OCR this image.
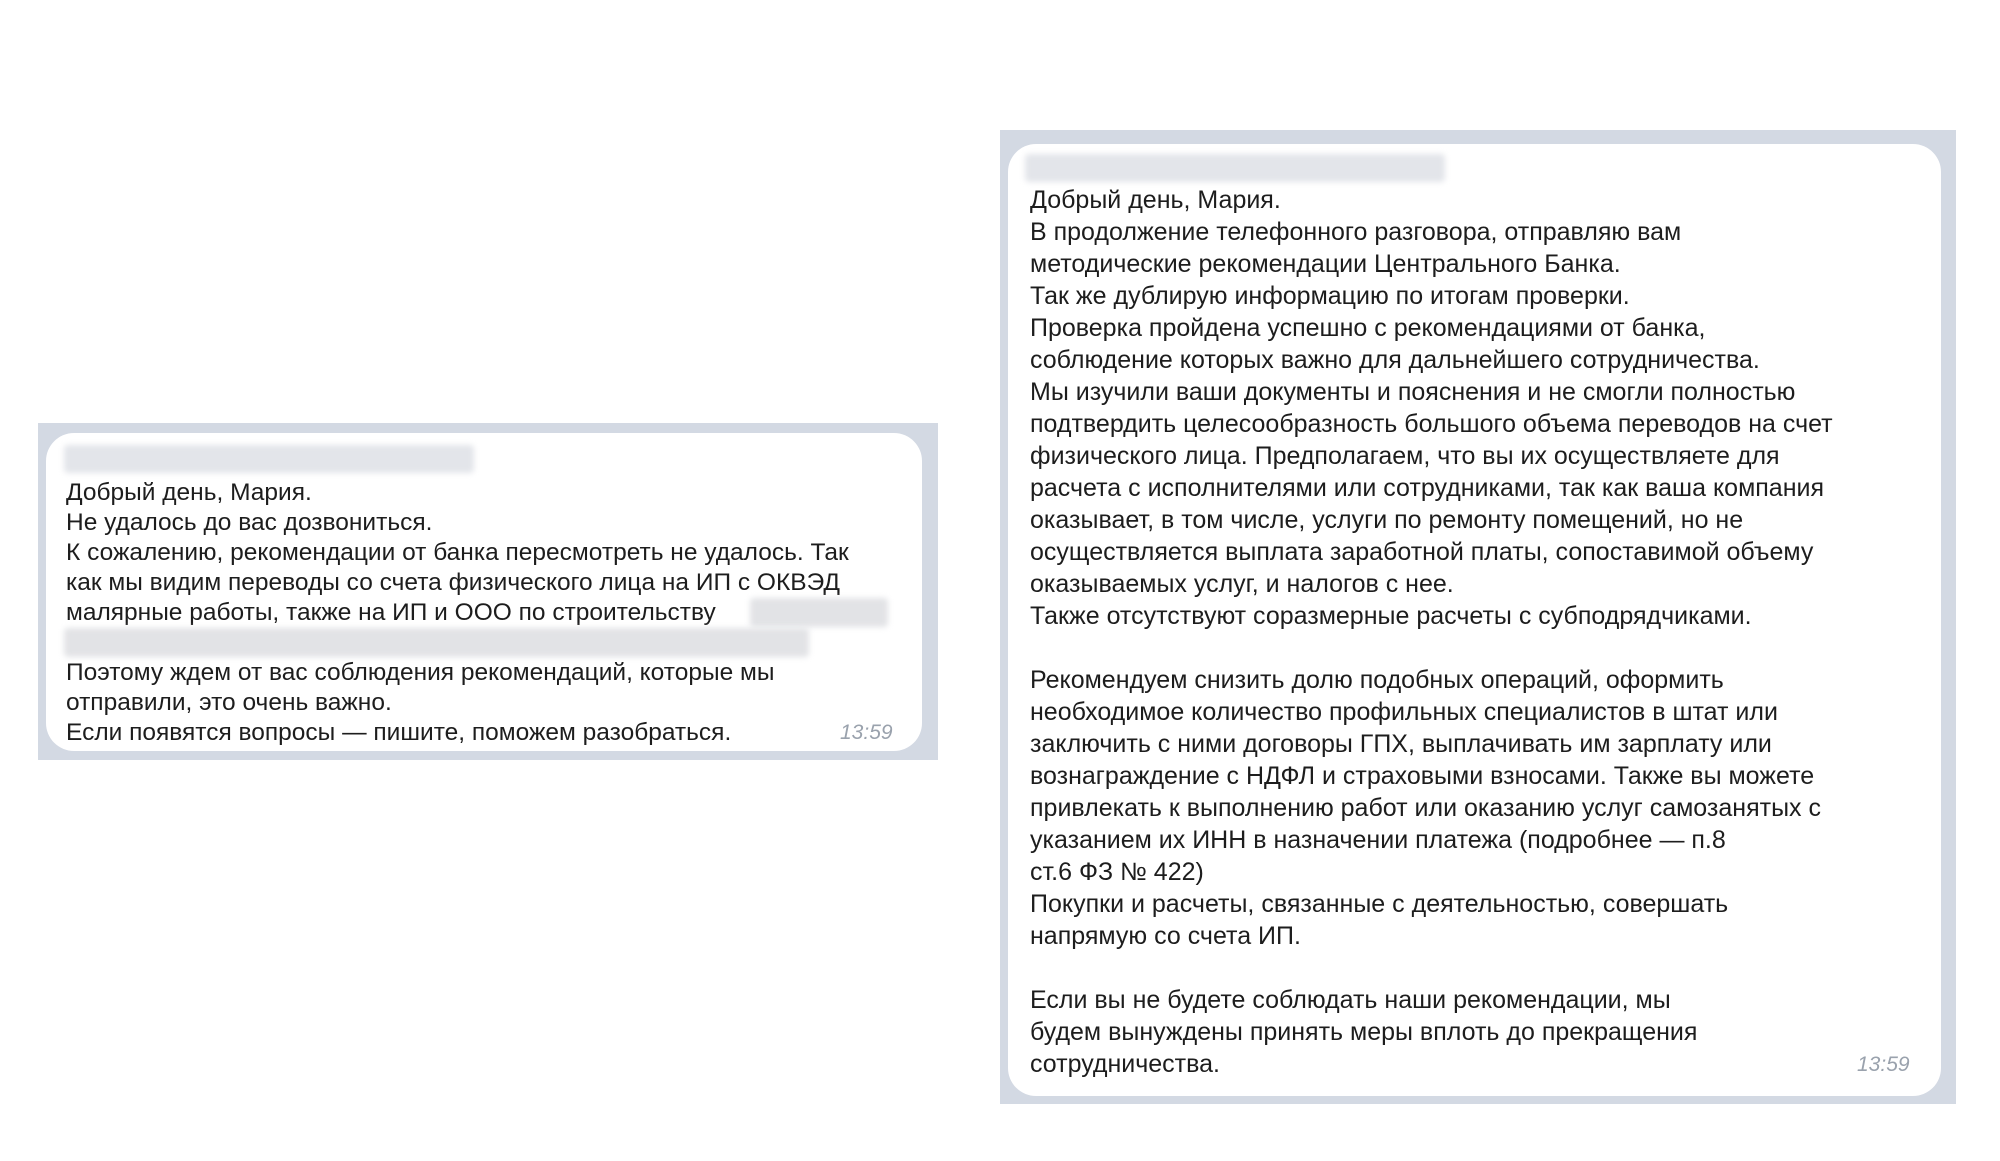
Добрый день, Мария.
Не удалось до вас дозвониться.
К сожалению, рекомендации от банка пересмотреть не удалось. Так
как мы видим переводы со счета физического лица на ИП с ОКВЭД
малярные работы, также на ИП и ООО по строительству
Поэтому ждем от вас соблюдения рекомендаций, которые мы
отправили, это очень важно.
Если появятся вопросы — пишите, поможем разобраться.	13:59
Добрый день, Мария.
В продолжение телефонного разговора, отправляю вам
методические рекомендации Центрального Банка.
Так же дублирую информацию по итогам проверки.
Проверка пройдена успешно с рекомендациями от банка,
соблюдение которых важно для дальнейшего сотрудничества.
Мы изучили ваши документы и пояснения и не смогли полностью
подтвердить целесообразность большого объема переводов на счет
физического лица. Предполагаем, что вы их осуществляете для
расчета с исполнителями или сотрудниками, так как ваша компания
оказывает, в том числе, услуги по ремонту помещений, но не
осуществляется выплата заработной платы, сопоставимой объему
оказываемых услуг, и налогов с нее.
Также отсутствуют соразмерные расчеты с субподрядчиками.
Рекомендуем снизить долю подобных операций, оформить
необходимое количество профильных специалистов в штат или
заключить с ними договоры ГПХ, выплачивать им зарплату или
вознаграждение с НДФЛ и страховыми взносами. Также вы можете
привлекать к выполнению работ или оказанию услуг самозанятых с
указанием их ИНН в назначении платежа (подробнее — п.8
ст.6 ФЗ № 422)
Покупки и расчеты, связанные с деятельностью, совершать
напрямую со счета ИП.
Если вы не будете соблюдать наши рекомендации, мы
будем вынуждены принять меры вплоть до прекращения
сотрудничества.	13:59
